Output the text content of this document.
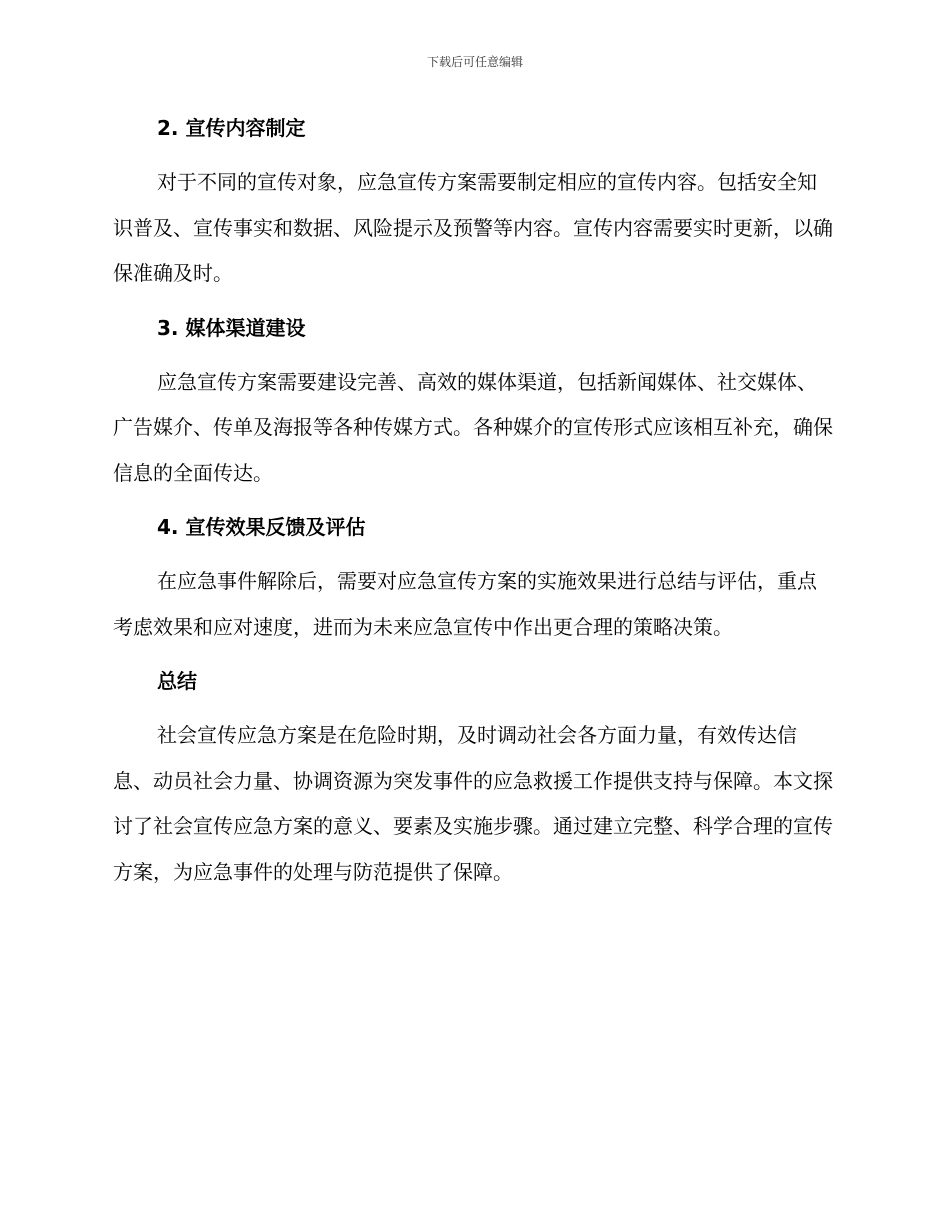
下载后可任意编辑
2. 宣传内容制定

对于不同的宣传对象，应急宣传方案需要制定相应的宣传内容。包括安全知识普及、宣传事实和数据、风险提示及预警等内容。宣传内容需要实时更新，以确保准确及时。

3. 媒体渠道建设

应急宣传方案需要建设完善、高效的媒体渠道，包括新闻媒体、社交媒体、广告媒介、传单及海报等各种传媒方式。各种媒介的宣传形式应该相互补充，确保信息的全面传达。

4. 宣传效果反馈及评估

在应急事件解除后，需要对应急宣传方案的实施效果进行总结与评估，重点考虑效果和应对速度，进而为未来应急宣传中作出更合理的策略决策。

总结

社会宣传应急方案是在危险时期，及时调动社会各方面力量，有效传达信息、动员社会力量、协调资源为突发事件的应急救援工作提供支持与保障。本文探讨了社会宣传应急方案的意义、要素及实施步骤。通过建立完整、科学合理的宣传方案，为应急事件的处理与防范提供了保障。
